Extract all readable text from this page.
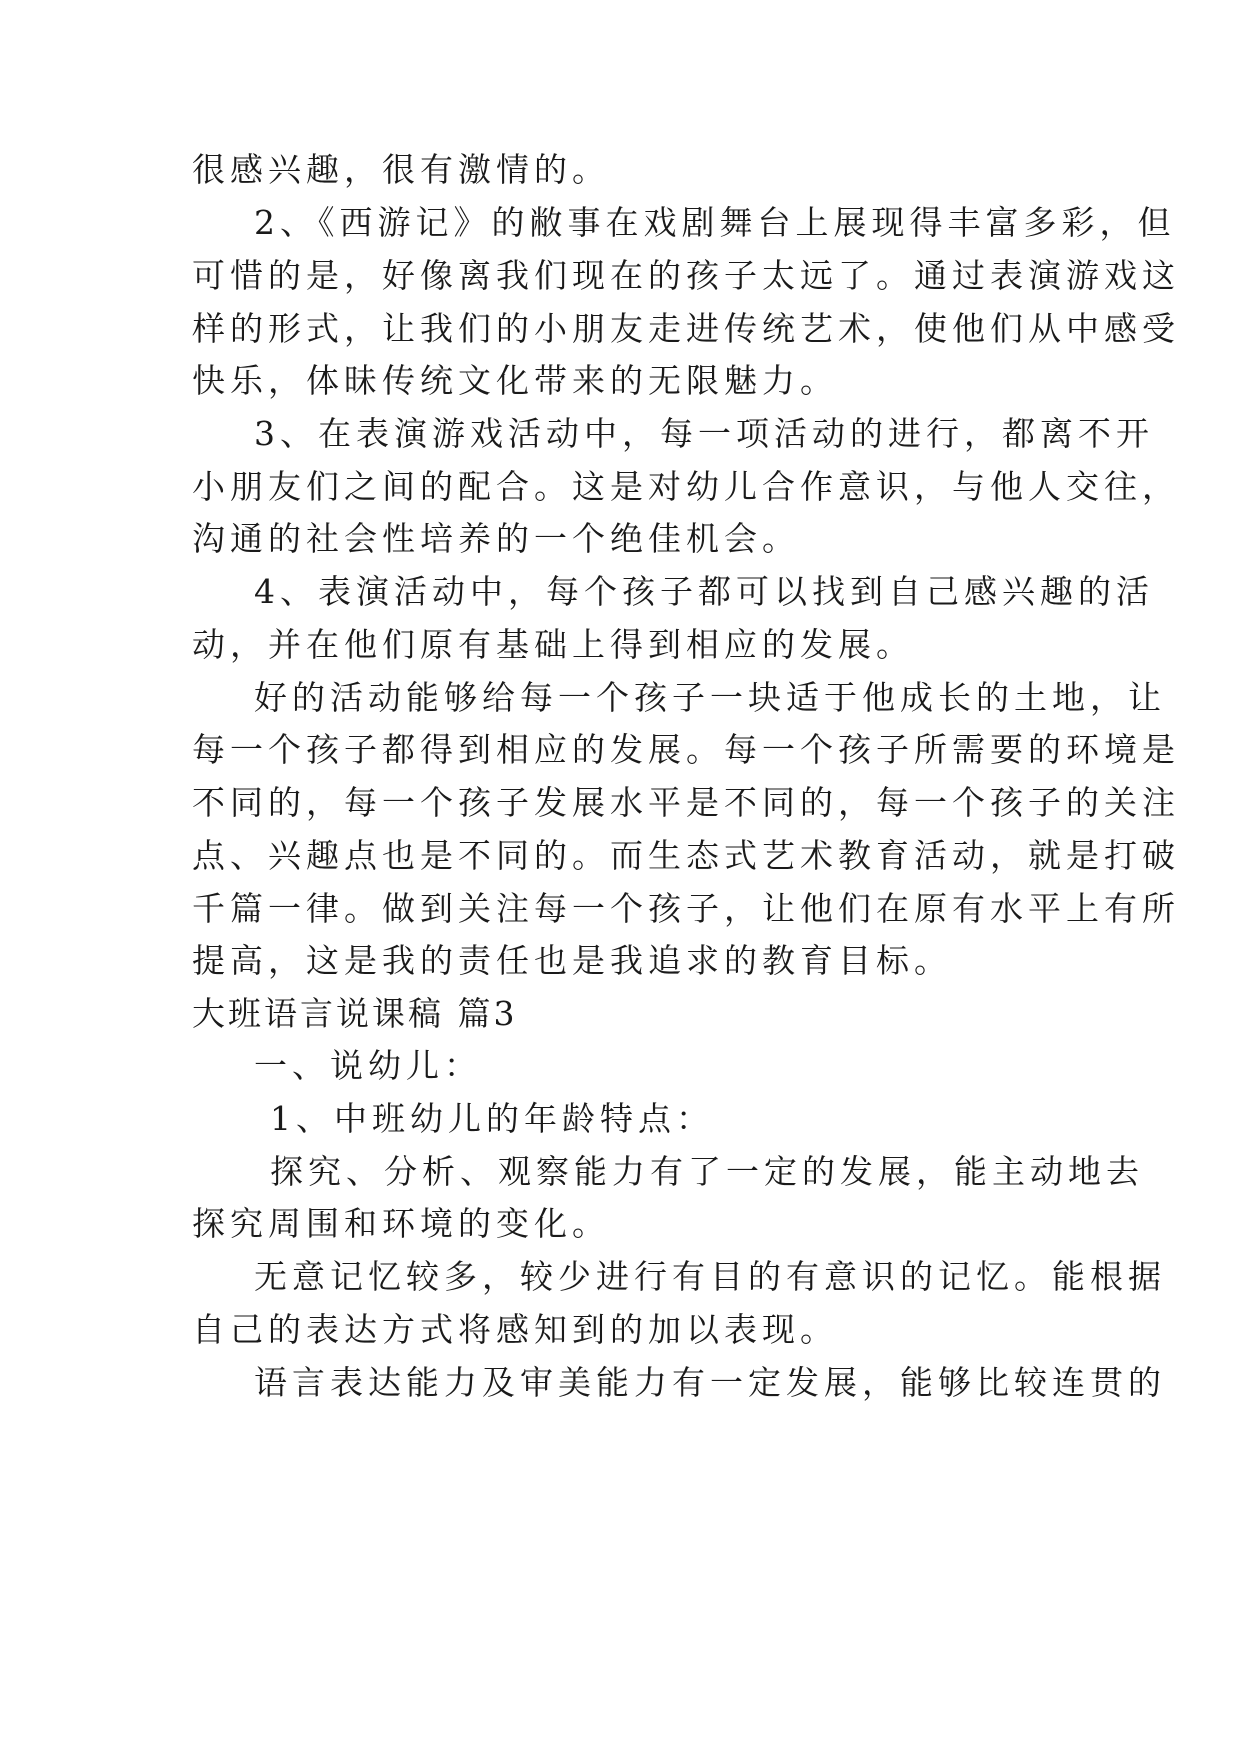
很感兴趣，很有激情的。

2、《西游记》的敝事在戏剧舞台上展现得丰富多彩，但

可惜的是，好像离我们现在的孩子太远了。通过表演游戏这

样的形式，让我们的小朋友走进传统艺术，使他们从中感受

快乐，体昧传统文化带来的无限魅力。

3、在表演游戏活动中，每一项活动的进行，都离不开

小朋友们之间的配合。这是对幼儿合作意识，与他人交往，

沟通的社会性培养的一个绝佳机会。

4、表演活动中，每个孩子都可以找到自己感兴趣的活

动，并在他们原有基础上得到相应的发展。

好的活动能够给每一个孩子一块适于他成长的土地，让

每一个孩子都得到相应的发展。每一个孩子所需要的环境是

不同的，每一个孩子发展水平是不同的，每一个孩子的关注

点、兴趣点也是不同的。而生态式艺术教育活动，就是打破

千篇一律。做到关注每一个孩子，让他们在原有水平上有所

提高，这是我的责任也是我追求的教育目标。

大班语言说课稿 篇3

一、说幼儿：

1、中班幼儿的年龄特点：

探究、分析、观察能力有了一定的发展，能主动地去

探究周围和环境的变化。

无意记忆较多，较少进行有目的有意识的记忆。能根据

自己的表达方式将感知到的加以表现。

语言表达能力及审美能力有一定发展，能够比较连贯的
